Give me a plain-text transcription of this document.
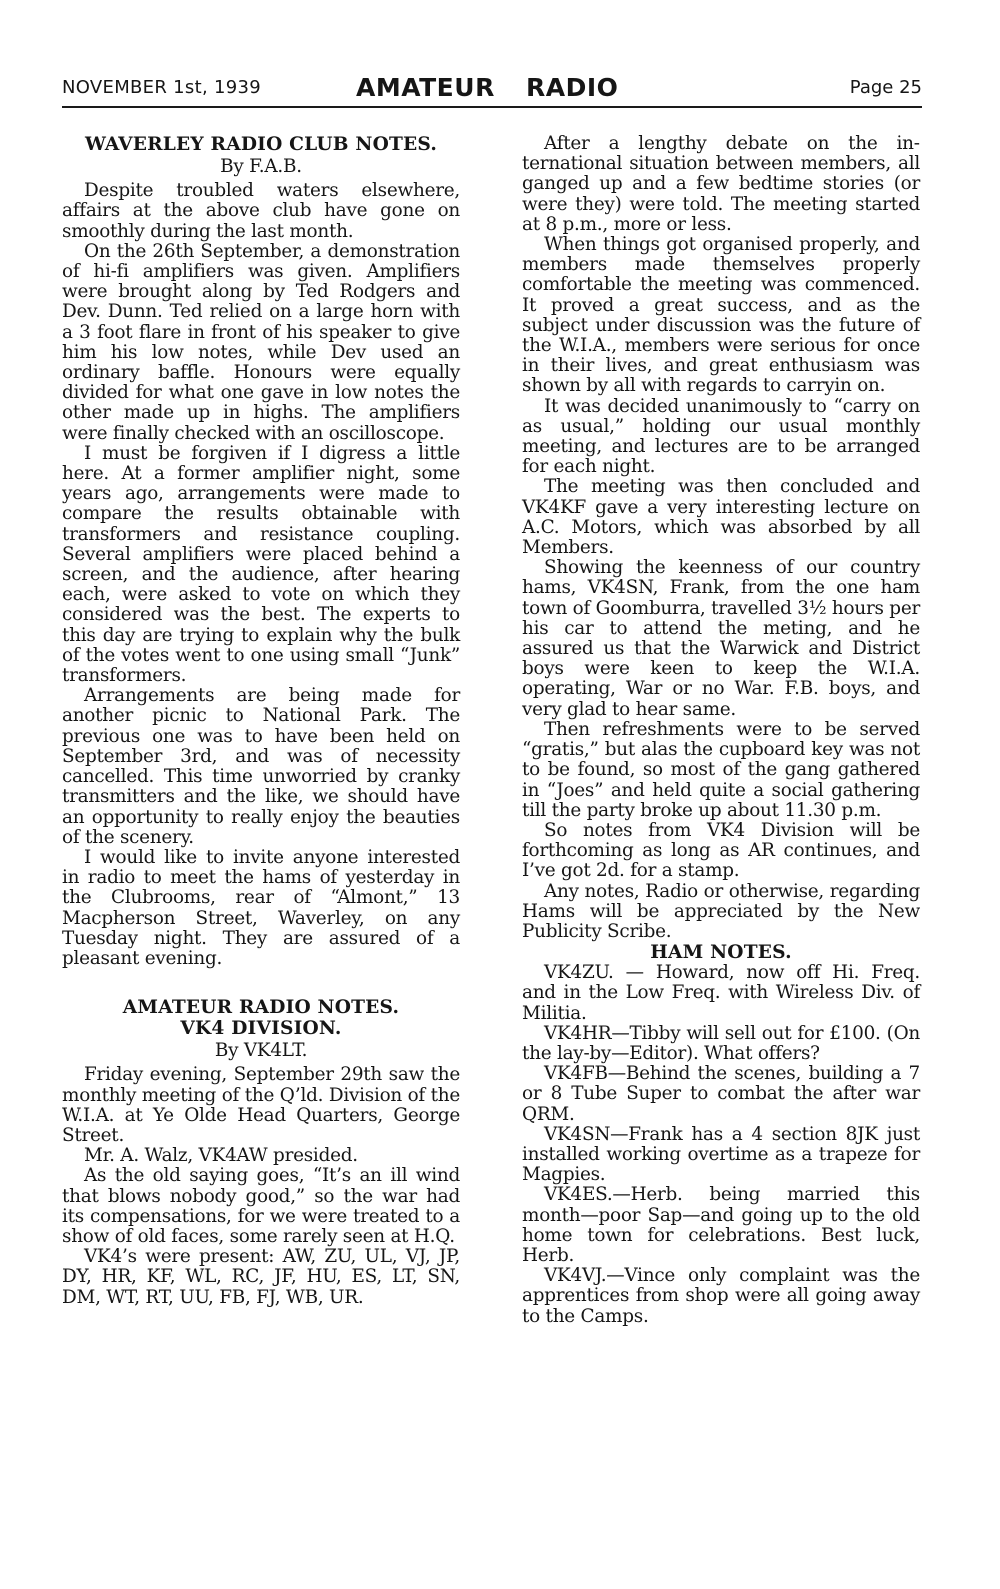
NOVEMBER 1st, 1939	AMATEUR RADIO	Page 25
WAVERLEY RADIO CLUB NOTES.
By F.A.B.

Despite troubled waters elsewhere, affairs at the above club have gone on smoothly during the last month.

On the 26th September, a demonstration of hi-fi amplifiers was given. Amplifiers were brought along by Ted Rodgers and Dev. Dunn. Ted relied on a large horn with a 3 foot flare in front of his speaker to give him his low notes, while Dev used an ordinary baffle. Honours were equally divided for what one gave in low notes the other made up in highs. The amplifiers were finally checked with an oscilloscope.

I must be forgiven if I digress a little here. At a former amplifier night, some years ago, arrangements were made to compare the results obtainable with transformers and resistance coupling. Several amplifiers were placed behind a screen, and the audience, after hearing each, were asked to vote on which they considered was the best. The experts to this day are trying to explain why the bulk of the votes went to one using small “Junk” transformers.

Arrangements are being made for another picnic to National Park. The previous one was to have been held on September 3rd, and was of necessity cancelled. This time unworried by cranky transmitters and the like, we should have an opportunity to really enjoy the beauties of the scenery.

I would like to invite anyone interested in radio to meet the hams of yesterday in the Clubrooms, rear of “Almont,” 13 Macpherson Street, Waverley, on any Tuesday night. They are assured of a pleasant evening.

AMATEUR RADIO NOTES.
VK4 DIVISION.
By VK4LT.

Friday evening, September 29th saw the monthly meeting of the Q’ld. Division of the W.I.A. at Ye Olde Head Quarters, George Street.

Mr. A. Walz, VK4AW presided.

As the old saying goes, “It’s an ill wind that blows nobody good,” so the war had its compensations, for we were treated to a show of old faces, some rarely seen at H.Q.

VK4’s were present: AW, ZU, UL, VJ, JP, DY, HR, KF, WL, RC, JF, HU, ES, LT, SN, DM, WT, RT, UU, FB, FJ, WB, UR.

After a lengthy debate on the international situation between members, all ganged up and a few bedtime stories (or were they) were told. The meeting started at 8 p.m., more or less.

When things got organised properly, and members made themselves properly comfortable the meeting was commenced. It proved a great success, and as the subject under discussion was the future of the W.I.A., members were serious for once in their lives, and great enthusiasm was shown by all with regards to carryin on.

It was decided unanimously to “carry on as usual,” holding our usual monthly meeting, and lectures are to be arranged for each night.

The meeting was then concluded and VK4KF gave a very interesting lecture on A.C. Motors, which was absorbed by all Members.

Showing the keenness of our country hams, VK4SN, Frank, from the one ham town of Goomburra, travelled 3½ hours per his car to attend the meting, and he assured us that the Warwick and District boys were keen to keep the W.I.A. operating, War or no War. F.B. boys, and very glad to hear same.

Then refreshments were to be served “gratis,” but alas the cupboard key was not to be found, so most of the gang gathered in “Joes” and held quite a social gathering till the party broke up about 11.30 p.m.

So notes from VK4 Division will be forthcoming as long as AR continues, and I’ve got 2d. for a stamp.

Any notes, Radio or otherwise, regarding Hams will be appreciated by the New Publicity Scribe.

HAM NOTES.

VK4ZU. — Howard, now off Hi. Freq. and in the Low Freq. with Wireless Div. of Militia.

VK4HR—Tibby will sell out for £100. (On the lay-by—Editor). What offers?

VK4FB—Behind the scenes, building a 7 or 8 Tube Super to combat the after war QRM.

VK4SN—Frank has a 4 section 8JK just installed working overtime as a trapeze for Magpies.

VK4ES.—Herb. being married this month—poor Sap—and going up to the old home town for celebrations. Best luck, Herb.

VK4VJ.—Vince only complaint was the apprentices from shop were all going away to the Camps.
